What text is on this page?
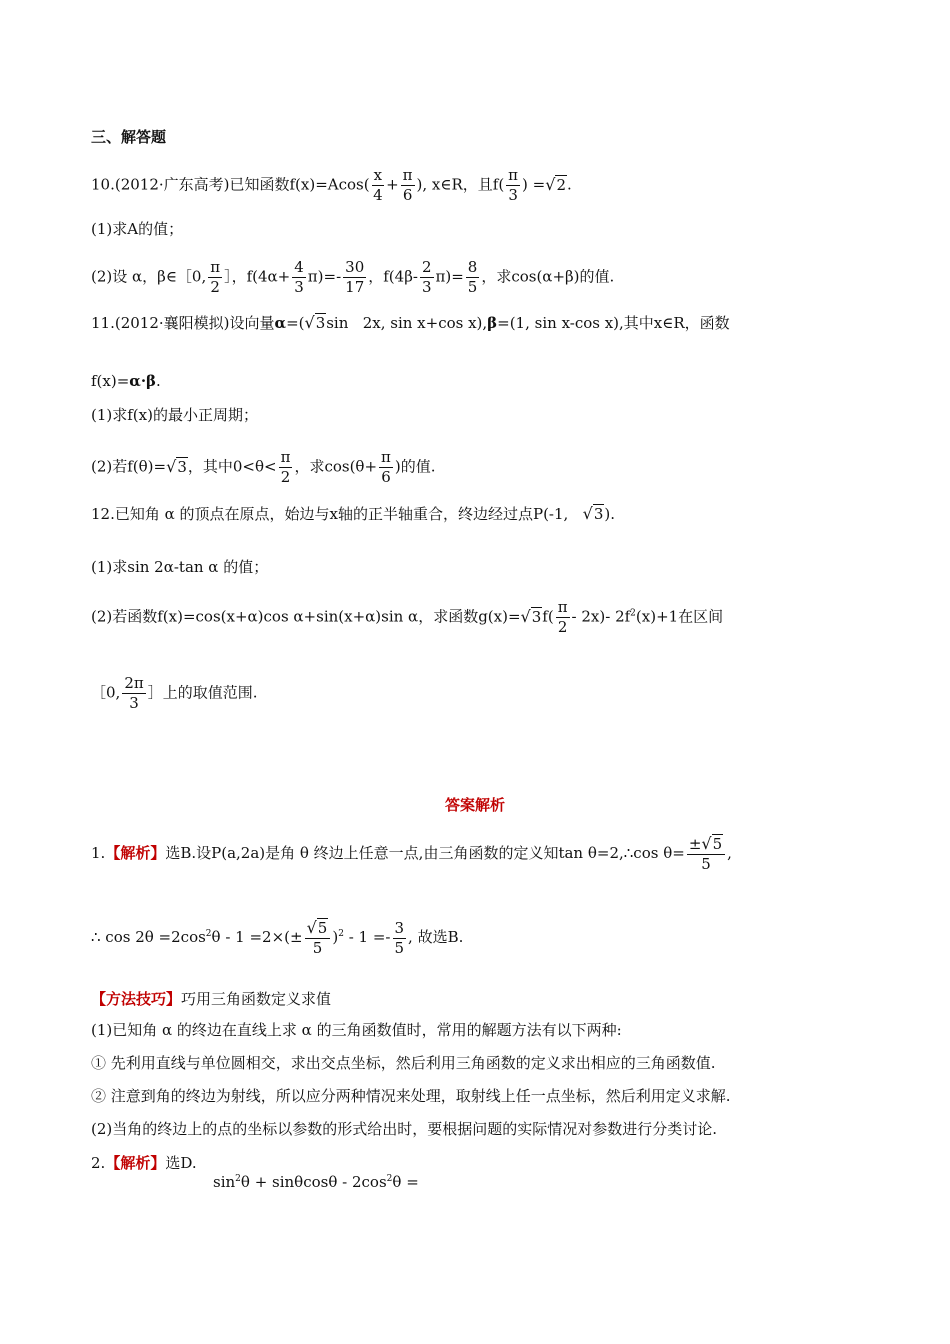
三、解答题
10.(2012·广东高考)已知函数$f(x)=Acos( \frac{x}{4} + \frac{\pi}{6}$ ), x∈R，且$f( \frac{\pi}{3}$ ) =√2.
(1)求A的值；
(2)设 α，β∈［0, $\frac{\pi}{2}$ ］，$f(4\alpha+ \frac{4}{3} \pi)=- \frac{30}{17}$ ，$f(4\beta- \frac{2}{3} \pi)= \frac{8}{5}$ ，求cos(α+β)的值.
11.(2012·襄阳模拟)设向量α=(√3sin 2x, sin x+cos x),β=(1, sin x-cos x),其中x∈R，函数
f(x)=α·β.
(1)求f(x)的最小正周期；
(2)若f(θ)=√3，其中$0<\theta< \frac{\pi}{2}$ ，求$\cos(\theta+ \frac{\pi}{6}$ )的值.
12.已知角 α 的顶点在原点，始边与x轴的正半轴重合，终边经过点P(-1, √3).
(1)求sin 2α-tan α 的值；
(2)若函数f(x)=cos(x+α)cos α+sin(x+α)sin α，求函数$g(x)=√3f( \frac{\pi}{2} - 2x)-$ $2f^2(x)+1$在区间
［0, $\frac{2\pi}{3}$ ］上的取值范围.
答案解析
1.【解析】选B.设P(a,2a)是角 θ 终边上任意一点,由三角函数的定义知tan θ=2,∴cos $\theta= \frac{\pm√5}{5}$ ,
∴ $\cos 2\theta =2\cos^2\theta - 1 =2\times(\pm \frac{√5}{5} )^2 - 1 =- \frac{3}{5}$ , 故选B.
【方法技巧】巧用三角函数定义求值
(1)已知角 α 的终边在直线上求 α 的三角函数值时，常用的解题方法有以下两种:
① 先利用直线与单位圆相交，求出交点坐标，然后利用三角函数的定义求出相应的三角函数值.
② 注意到角的终边为射线，所以应分两种情况来处理，取射线上任一点坐标，然后利用定义求解.
(2)当角的终边上的点的坐标以参数的形式给出时，要根据问题的实际情况对参数进行分类讨论.
2.【解析】选D.
$\sin^2\theta + \sin\theta\cos\theta - 2\cos^2\theta$ =
